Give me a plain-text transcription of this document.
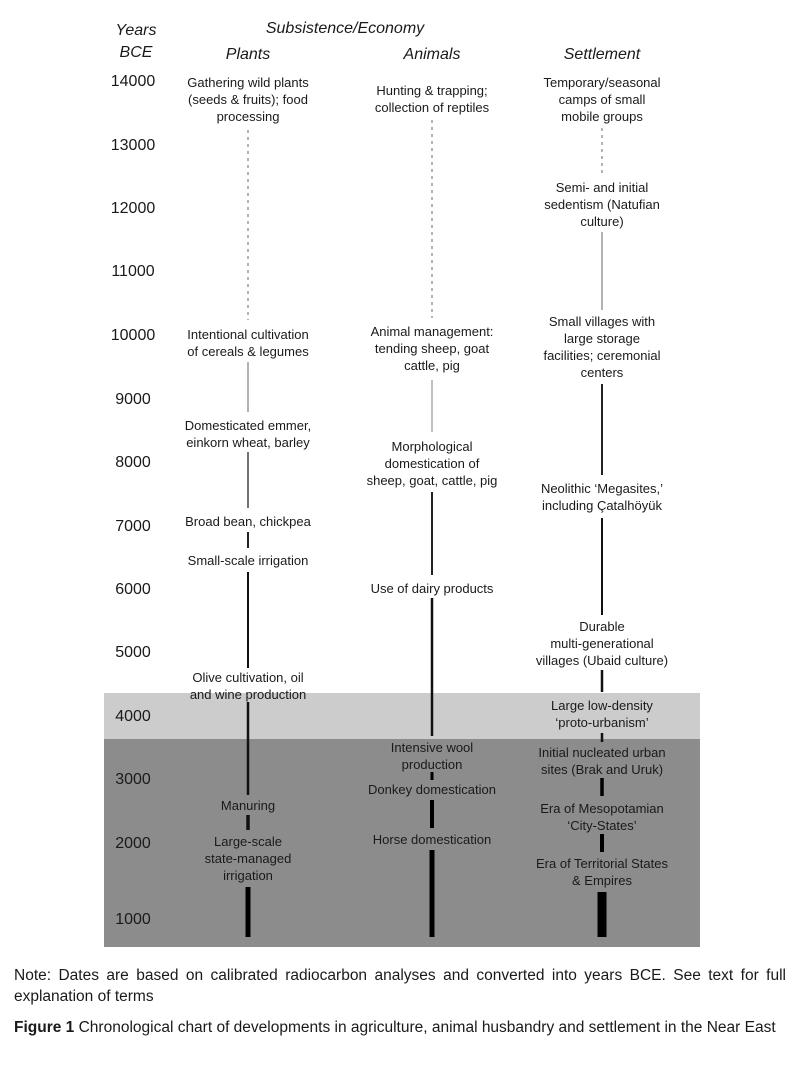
Years
BCE
Subsistence/Economy
Plants	Animals	Settlement
14000
13000
12000
11000
10000
9000
8000
7000
6000
5000
4000
3000
2000
1000
Gathering wild plants
(seeds & fruits); food
processing
Intentional cultivation
of cereals & legumes
Domesticated emmer,
einkorn wheat, barley
Broad bean, chickpea
Small-scale irrigation
Olive cultivation, oil
and wine production
Manuring
Large-scale
state-managed
irrigation
Hunting & trapping;
collection of reptiles
Animal management:
tending sheep, goat
cattle, pig
Morphological
domestication of
sheep, goat, cattle, pig
Use of dairy products
Intensive wool
production
Donkey domestication
Horse domestication
Temporary/seasonal
camps of small
mobile groups
Semi- and initial
sedentism (Natufian
culture)
Small villages with
large storage
facilities; ceremonial
centers
Neolithic ‘Megasites,’
including Çatalhöyük
Durable
multi-generational
villages (Ubaid culture)
Large low-density
‘proto-urbanism’
Initial nucleated urban
sites (Brak and Uruk)
Era of Mesopotamian
‘City-States’
Era of Territorial States
& Empires
Note: Dates are based on calibrated radiocarbon analyses and converted into years BCE. See text for full explanation of terms
Figure 1 Chronological chart of developments in agriculture, animal husbandry and settlement in the Near East
